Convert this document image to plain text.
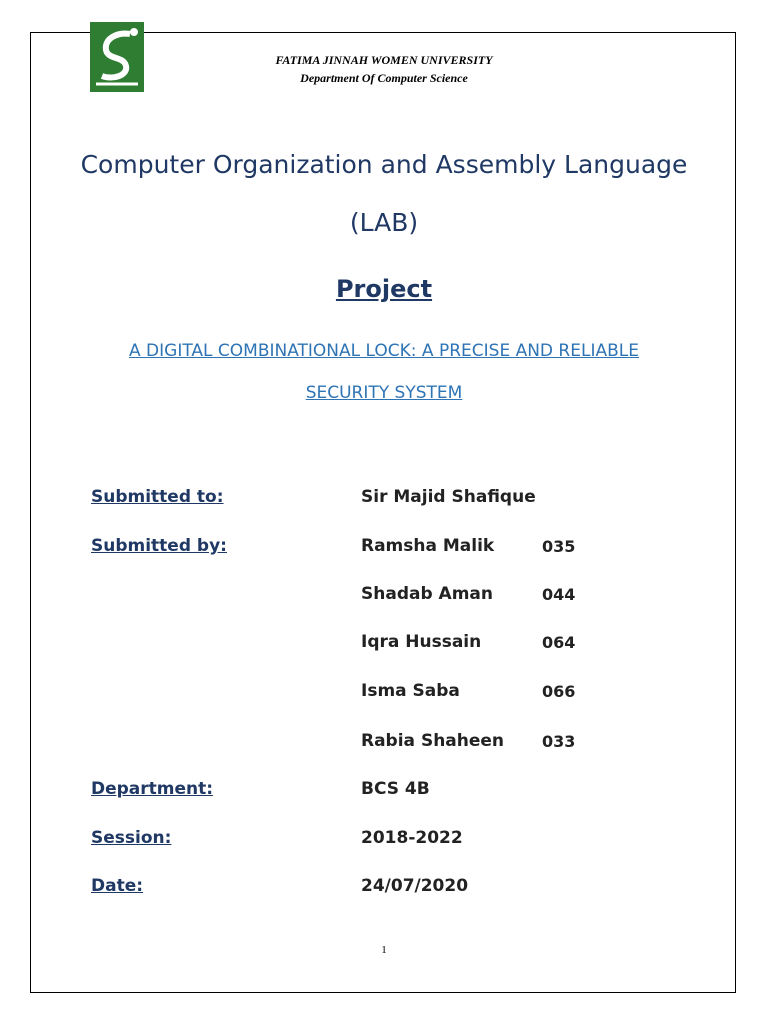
FATIMA JINNAH WOMEN UNIVERSITY
Department Of Computer Science
Computer Organization and Assembly Language
(LAB)
Project
A DIGITAL COMBINATIONAL LOCK: A PRECISE AND RELIABLE
SECURITY SYSTEM
Submitted to:	Sir Majid Shafique
Submitted by:	Ramsha Malik	035
Shadab Aman	044
Iqra Hussain	064
Isma Saba	066
Rabia Shaheen 033
Department:	BCS 4B
Session:	2018-2022
Date:	24/07/2020
1
